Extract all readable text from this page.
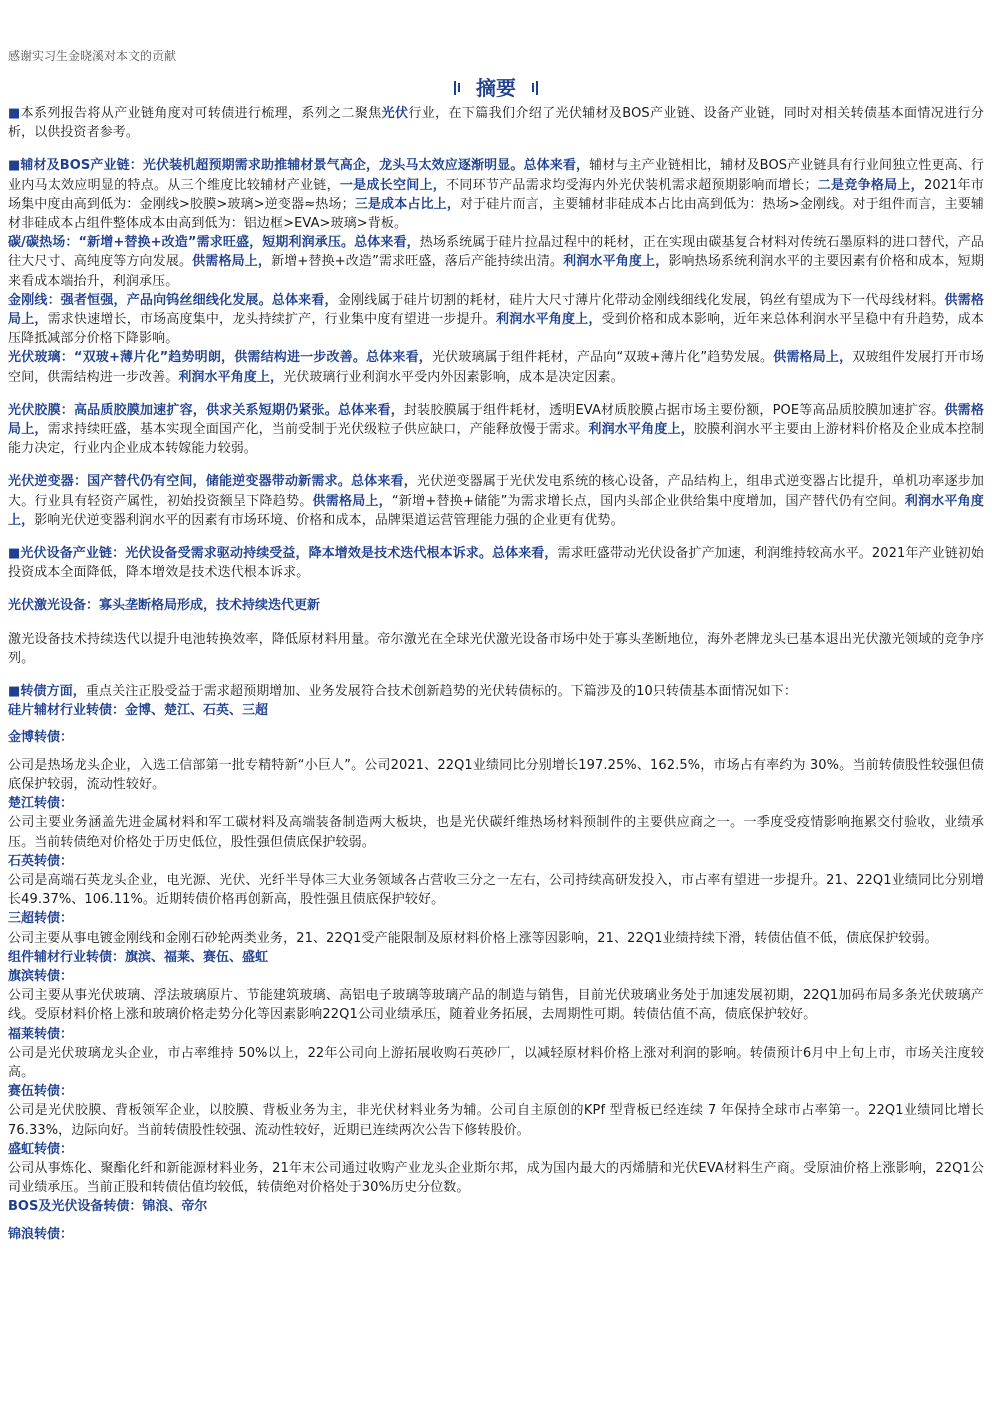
感谢实习生金晓溪对本文的贡献
摘要

■本系列报告将从产业链角度对可转债进行梳理，系列之二聚焦光伏行业，在下篇我们介绍了光伏辅材及BOS产业链、设备产业链，同时对相关转债基本面情况进行分析，以供投资者参考。

■辅材及BOS产业链：光伏装机超预期需求助推辅材景气高企，龙头马太效应逐渐明显。总体来看，辅材与主产业链相比，辅材及BOS产业链具有行业间独立性更高、行业内马太效应明显的特点。从三个维度比较辅材产业链，一是成长空间上，不同环节产品需求均受海内外光伏装机需求超预期影响而增长；二是竞争格局上，2021年市场集中度由高到低为：金刚线>胶膜>玻璃>逆变器≈热场；三是成本占比上，对于硅片而言，主要辅材非硅成本占比由高到低为：热场>金刚线。对于组件而言，主要辅材非硅成本占组件整体成本由高到低为：铝边框>EVA>玻璃>背板。

碳/碳热场：“新增+替换+改造”需求旺盛，短期利润承压。总体来看，热场系统属于硅片拉晶过程中的耗材，正在实现由碳基复合材料对传统石墨原料的进口替代，产品往大尺寸、高纯度等方向发展。供需格局上，新增+替换+改造”需求旺盛，落后产能持续出清。利润水平角度上，影响热场系统利润水平的主要因素有价格和成本，短期来看成本端抬升，利润承压。

金刚线：强者恒强，产品向钨丝细线化发展。总体来看，金刚线属于硅片切割的耗材，硅片大尺寸薄片化带动金刚线细线化发展，钨丝有望成为下一代母线材料。供需格局上，需求快速增长，市场高度集中，龙头持续扩产，行业集中度有望进一步提升。利润水平角度上，受到价格和成本影响，近年来总体利润水平呈稳中有升趋势，成本压降抵减部分价格下降影响。

光伏玻璃：“双玻+薄片化”趋势明朗，供需结构进一步改善。总体来看，光伏玻璃属于组件耗材，产品向“双玻+薄片化”趋势发展。供需格局上，双玻组件发展打开市场空间，供需结构进一步改善。利润水平角度上，光伏玻璃行业利润水平受内外因素影响，成本是决定因素。

光伏胶膜：高品质胶膜加速扩容，供求关系短期仍紧张。总体来看，封装胶膜属于组件耗材，透明EVA材质胶膜占据市场主要份额，POE等高品质胶膜加速扩容。供需格局上，需求持续旺盛，基本实现全面国产化，当前受制于光伏级粒子供应缺口，产能释放慢于需求。利润水平角度上，胶膜利润水平主要由上游材料价格及企业成本控制能力决定，行业内企业成本转嫁能力较弱。

光伏逆变器：国产替代仍有空间，储能逆变器带动新需求。总体来看，光伏逆变器属于光伏发电系统的核心设备，产品结构上，组串式逆变器占比提升，单机功率逐步加大。行业具有轻资产属性，初始投资额呈下降趋势。供需格局上，“新增+替换+储能”为需求增长点，国内头部企业供给集中度增加，国产替代仍有空间。利润水平角度上，影响光伏逆变器利润水平的因素有市场环境、价格和成本，品牌渠道运营管理能力强的企业更有优势。

■光伏设备产业链：光伏设备受需求驱动持续受益，降本增效是技术迭代根本诉求。总体来看，需求旺盛带动光伏设备扩产加速，利润维持较高水平。2021年产业链初始投资成本全面降低，降本增效是技术迭代根本诉求。

光伏激光设备：寡头垄断格局形成，技术持续迭代更新

激光设备技术持续迭代以提升电池转换效率，降低原材料用量。帝尔激光在全球光伏激光设备市场中处于寡头垄断地位，海外老牌龙头已基本退出光伏激光领域的竞争序列。

■转债方面，重点关注正股受益于需求超预期增加、业务发展符合技术创新趋势的光伏转债标的。下篇涉及的10只转债基本面情况如下：

硅片辅材行业转债：金博、楚江、石英、三超
金博转债：

公司是热场龙头企业，入选工信部第一批专精特新“小巨人”。公司2021、22Q1业绩同比分别增长197.25%、162.5%，市场占有率约为 30%。当前转债股性较强但债底保护较弱，流动性较好。

楚江转债：

公司主要业务涵盖先进金属材料和军工碳材料及高端装备制造两大板块，也是光伏碳纤维热场材料预制件的主要供应商之一。一季度受疫情影响拖累交付验收，业绩承压。当前转债绝对价格处于历史低位，股性强但债底保护较弱。

石英转债：

公司是高端石英龙头企业，电光源、光伏、光纤半导体三大业务领域各占营收三分之一左右，公司持续高研发投入，市占率有望进一步提升。21、22Q1业绩同比分别增长49.37%、106.11%。近期转债价格再创新高，股性强且债底保护较好。

三超转债：

公司主要从事电镀金刚线和金刚石砂轮两类业务，21、22Q1受产能限制及原材料价格上涨等因影响，21、22Q1业绩持续下滑，转债估值不低，债底保护较弱。

组件辅材行业转债：旗滨、福莱、赛伍、盛虹
旗滨转债：

公司主要从事光伏玻璃、浮法玻璃原片、节能建筑玻璃、高铝电子玻璃等玻璃产品的制造与销售，目前光伏玻璃业务处于加速发展初期，22Q1加码布局多条光伏玻璃产线。受原材料价格上涨和玻璃价格走势分化等因素影响22Q1公司业绩承压，随着业务拓展，去周期性可期。转债估值不高，债底保护较好。

福莱转债：

公司是光伏玻璃龙头企业，市占率维持 50%以上，22年公司向上游拓展收购石英砂厂，以减轻原材料价格上涨对利润的影响。转债预计6月中上旬上市，市场关注度较高。

赛伍转债：

公司是光伏胶膜、背板领军企业，以胶膜、背板业务为主，非光伏材料业务为辅。公司自主原创的KPf 型背板已经连续 7 年保持全球市占率第一。22Q1业绩同比增长76.33%，边际向好。当前转债股性较强、流动性较好，近期已连续两次公告下修转股价。

盛虹转债：

公司从事炼化、聚酯化纤和新能源材料业务，21年末公司通过收购产业龙头企业斯尔邦，成为国内最大的丙烯腈和光伏EVA材料生产商。受原油价格上涨影响，22Q1公司业绩承压。当前正股和转债估值均较低，转债绝对价格处于30%历史分位数。

BOS及光伏设备转债：锦浪、帝尔
锦浪转债：
